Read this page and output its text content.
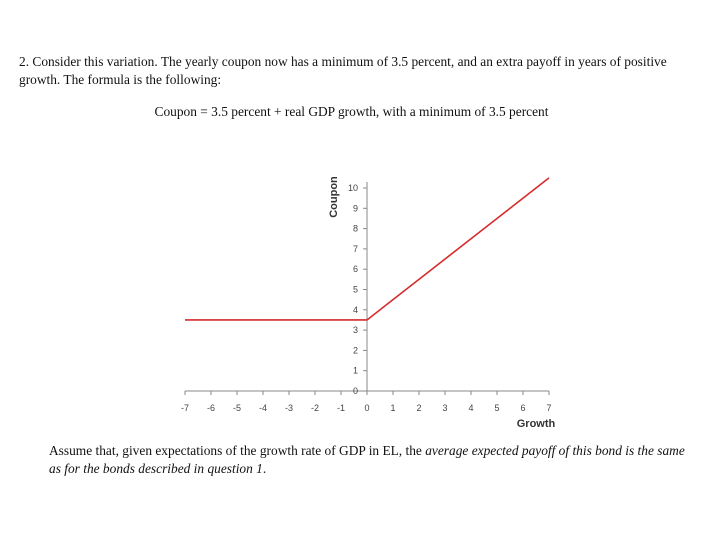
2. Consider this variation. The yearly coupon now has a minimum of 3.5 percent, and an extra payoff in years of positive growth. The formula is the following:

Coupon = 3.5 percent + real GDP growth, with a minimum of 3.5 percent

-7 -6 -5 -4 -3 -2 -1 0 1 2 3 4 5 6 7
0
1
2
3
4
5
6
7
8
9
10
Growth
Coupon

Assume that, given expectations of the growth rate of GDP in EL, the average expected payoff of this bond is the same as for the bonds described in question 1.
